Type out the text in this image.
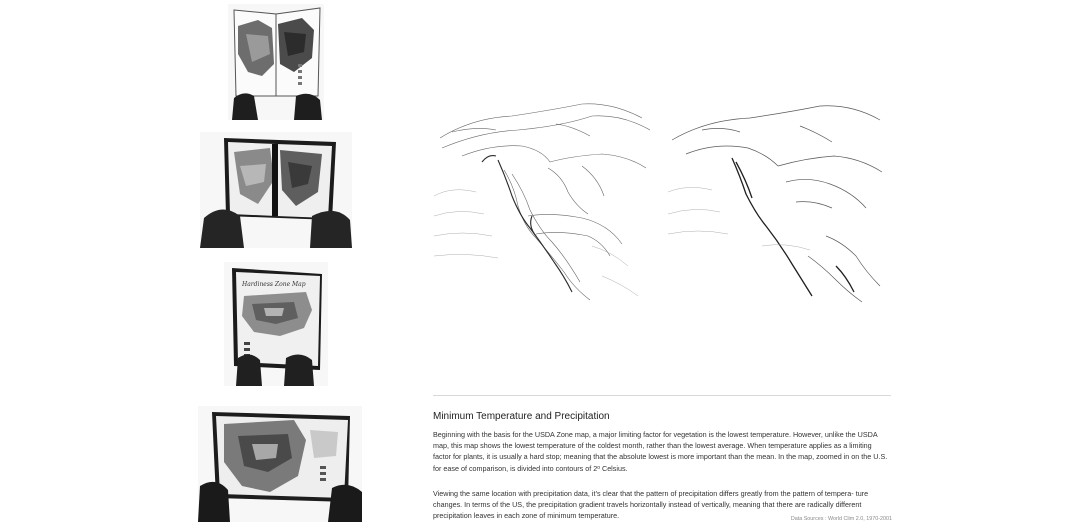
Hardiness Zone Map
Minimum Temperature and Precipitation

Beginning with the basis for the USDA Zone map, a major limiting factor for vegetation is the lowest temperature. However, unlike the USDA map, this map shows the lowest temperature of the coldest month, rather than the lowest average. When temperature applies as a limiting factor for plants, it is usually a hard stop; meaning that the absolute lowest is more important than the mean. In the map, zoomed in on the U.S. for ease of comparison, is divided into contours of 2$^o$ Celsius.

Viewing the same location with precipitation data, it’s clear that the pattern of precipitation differs greatly from the pattern of tempera- ture changes. In terms of the US, the precipitation gradient travels horizontally instead of vertically, meaning that there are radically different precipitation leaves in each zone of minimum temperature.	Data Sources : World Clim 2.0, 1970-2001
